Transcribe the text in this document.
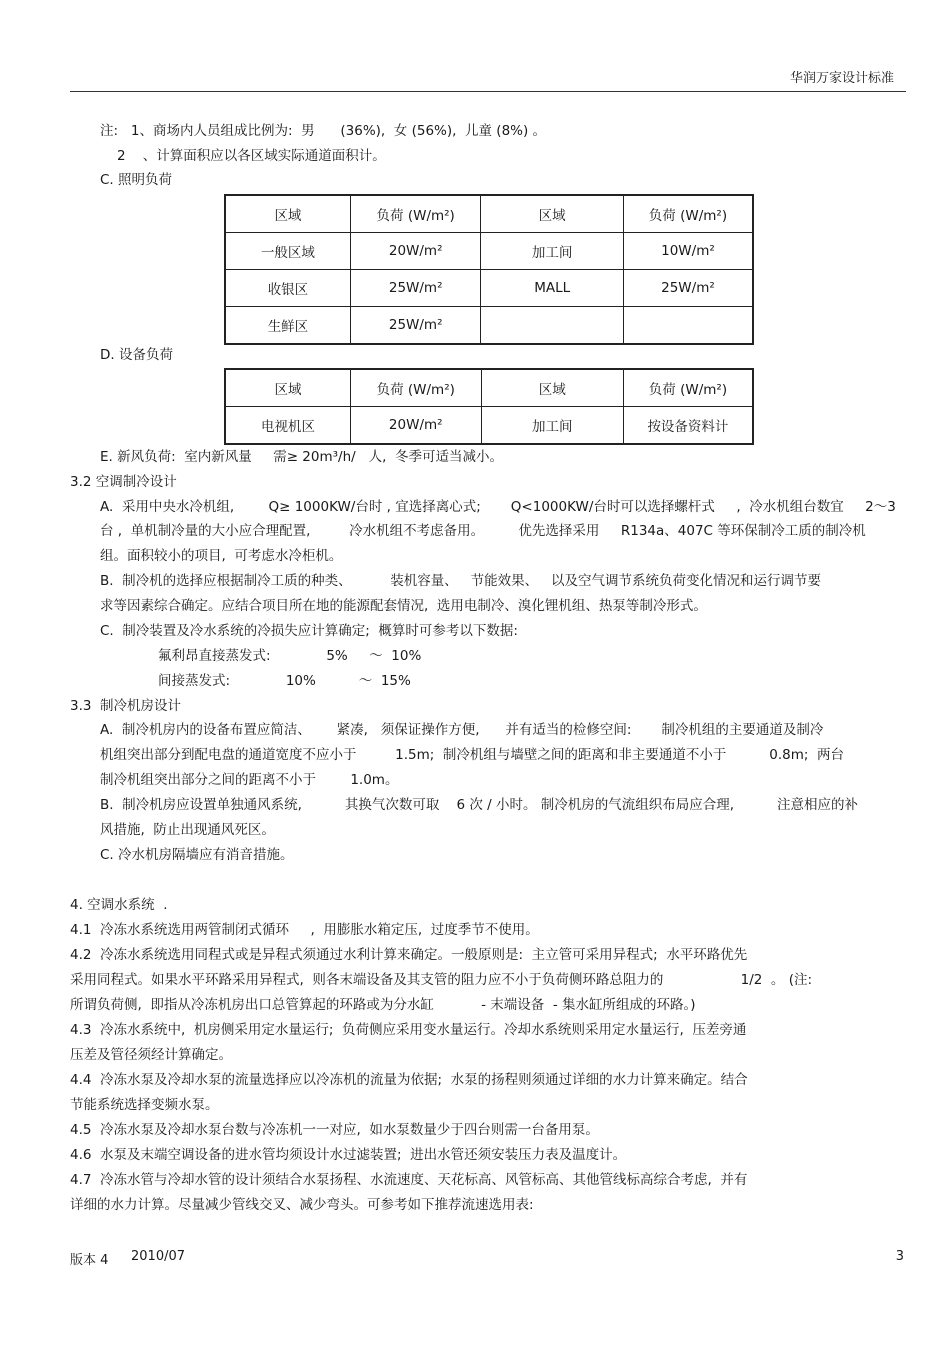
华润万家设计标准
注:   1、商场内人员组成比例为:  男      (36%),  女 (56%),  儿童 (8%) 。
2    、计算面积应以各区域实际通道面积计。
C. 照明负荷
区域	负荷 (W/m²)	区域	负荷 (W/m²)
一般区域	20W/m²	加工间	10W/m²
收银区	25W/m²	MALL	25W/m²
生鲜区	25W/m²		
D. 设备负荷
区域	负荷 (W/m²)	区域	负荷 (W/m²)
电视机区	20W/m²	加工间	按设备资料计
E. 新风负荷:  室内新风量     需≥ 20m³/h/   人,  冬季可适当减小。
3.2 空调制冷设计
A.  采用中央水冷机组,        Q≥ 1000KW/台时 , 宜选择离心式;       Q<1000KW/台时可以选择螺杆式     ,  冷水机组台数宜     2～3
台 ,  单机制冷量的大小应合理配置,         冷水机组不考虑备用。        优先选择采用     R134a、407C 等环保制冷工质的制冷机
组。面积较小的项目,  可考虑水冷柜机。
B.  制冷机的选择应根据制冷工质的种类、         装机容量、   节能效果、   以及空气调节系统负荷变化情况和运行调节要
求等因素综合确定。应结合项目所在地的能源配套情况,  选用电制冷、溴化锂机组、热泵等制冷形式。
C.  制冷装置及冷水系统的冷损失应计算确定;  概算时可参考以下数据:
氟利昂直接蒸发式:             5%     ～  10%
间接蒸发式:             10%          ～  15%
3.3  制冷机房设计
A.  制冷机房内的设备布置应简洁、      紧凑,   须保证操作方便,      并有适当的检修空间:       制冷机组的主要通道及制冷
机组突出部分到配电盘的通道宽度不应小于         1.5m;  制冷机组与墙壁之间的距离和非主要通道不小于          0.8m;  两台
制冷机组突出部分之间的距离不小于        1.0m。
B.  制冷机房应设置单独通风系统,          其换气次数可取    6 次 / 小时。 制冷机房的气流组织布局应合理,          注意相应的补
风措施,  防止出现通风死区。
C. 冷水机房隔墙应有消音措施。
4. 空调水系统  .
4.1  冷冻水系统选用两管制闭式循环     ,  用膨胀水箱定压,  过度季节不使用。
4.2  冷冻水系统选用同程式或是异程式须通过水利计算来确定。一般原则是:  主立管可采用异程式;  水平环路优先
采用同程式。如果水平环路采用异程式,  则各末端设备及其支管的阻力应不小于负荷侧环路总阻力的                  1/2  。 (注:
所谓负荷侧,  即指从冷冻机房出口总管算起的环路或为分水缸           - 末端设备  - 集水缸所组成的环路。)
4.3  冷冻水系统中,  机房侧采用定水量运行;  负荷侧应采用变水量运行。冷却水系统则采用定水量运行,  压差旁通
压差及管径须经计算确定。
4.4  冷冻水泵及冷却水泵的流量选择应以冷冻机的流量为依据;  水泵的扬程则须通过详细的水力计算来确定。结合
节能系统选择变频水泵。
4.5  冷冻水泵及冷却水泵台数与冷冻机一一对应,  如水泵数量少于四台则需一台备用泵。
4.6  水泵及末端空调设备的进水管均须设计水过滤装置;  进出水管还须安装压力表及温度计。
4.7  冷冻水管与冷却水管的设计须结合水泵扬程、水流速度、天花标高、风管标高、其他管线标高综合考虑,  并有
详细的水力计算。尽量减少管线交叉、减少弯头。可参考如下推荐流速选用表:
版本 4 2010/07	3
